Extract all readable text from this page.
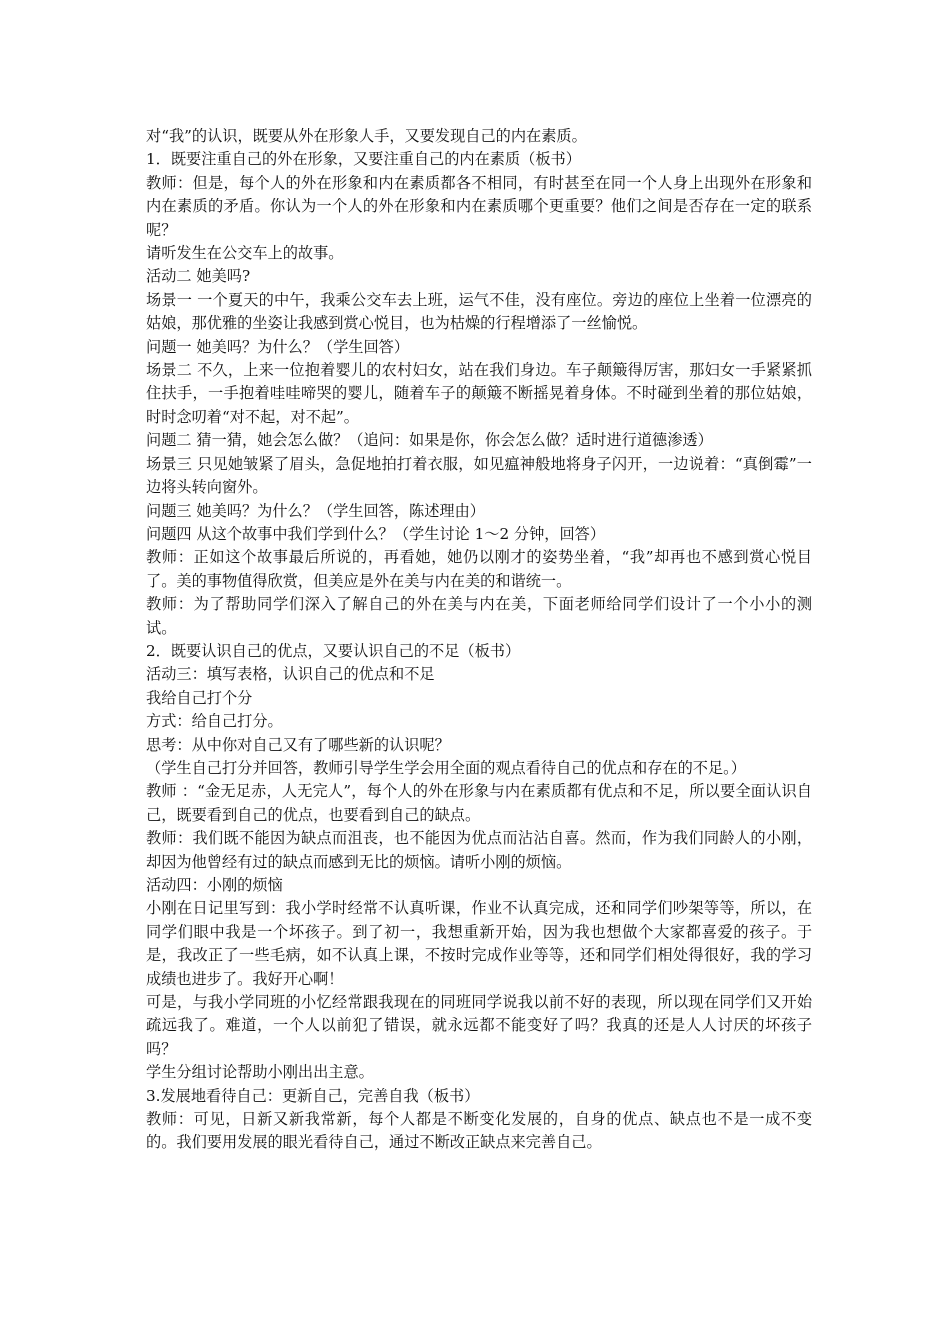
对“我”的认识，既要从外在形象人手，又要发现自己的内在素质。

1．既要注重自己的外在形象，又要注重自己的内在素质（板书）

教师：但是，每个人的外在形象和内在素质都各不相同，有时甚至在同一个人身上出现外在形象和内在素质的矛盾。你认为一个人的外在形象和内在素质哪个更重要？他们之间是否存在一定的联系呢？

请听发生在公交车上的故事。

活动二 她美吗?

场景一 一个夏天的中午，我乘公交车去上班，运气不佳，没有座位。旁边的座位上坐着一位漂亮的姑娘，那优雅的坐姿让我感到赏心悦目，也为枯燥的行程增添了一丝愉悦。

问题一 她美吗？为什么？（学生回答）

场景二 不久，上来一位抱着婴儿的农村妇女，站在我们身边。车子颠簸得厉害，那妇女一手紧紧抓住扶手，一手抱着哇哇啼哭的婴儿，随着车子的颠簸不断摇晃着身体。不时碰到坐着的那位姑娘，时时念叨着“对不起，对不起”。

问题二 猜一猜，她会怎么做？（追问：如果是你，你会怎么做？适时进行道德渗透）

场景三 只见她皱紧了眉头，急促地拍打着衣服，如见瘟神般地将身子闪开，一边说着：“真倒霉”一边将头转向窗外。

问题三 她美吗？为什么？（学生回答，陈述理由）

问题四 从这个故事中我们学到什么？（学生讨论 1～2 分钟，回答）

教师：正如这个故事最后所说的，再看她，她仍以刚才的姿势坐着，“我”却再也不感到赏心悦目了。美的事物值得欣赏，但美应是外在美与内在美的和谐统一。

教师：为了帮助同学们深入了解自己的外在美与内在美，下面老师给同学们设计了一个小小的测试。

2．既要认识自己的优点，又要认识自己的不足（板书）

活动三：填写表格，认识自己的优点和不足

我给自己打个分

方式：给自己打分。

思考：从中你对自己又有了哪些新的认识呢？

（学生自己打分并回答，教师引导学生学会用全面的观点看待自己的优点和存在的不足。）

教师 ：“金无足赤，人无完人”，每个人的外在形象与内在素质都有优点和不足，所以要全面认识自己，既要看到自己的优点，也要看到自己的缺点。

教师：我们既不能因为缺点而沮丧，也不能因为优点而沾沾自喜。然而，作为我们同龄人的小刚，却因为他曾经有过的缺点而感到无比的烦恼。请听小刚的烦恼。

活动四：小刚的烦恼

小刚在日记里写到：我小学时经常不认真听课，作业不认真完成，还和同学们吵架等等，所以，在同学们眼中我是一个坏孩子。到了初一，我想重新开始，因为我也想做个大家都喜爱的孩子。于是，我改正了一些毛病，如不认真上课，不按时完成作业等等，还和同学们相处得很好，我的学习成绩也进步了。我好开心啊！

可是，与我小学同班的小忆经常跟我现在的同班同学说我以前不好的表现，所以现在同学们又开始疏远我了。难道，一个人以前犯了错误，就永远都不能变好了吗？我真的还是人人讨厌的坏孩子吗？

学生分组讨论帮助小刚出出主意。

3.发展地看待自己：更新自己，完善自我（板书）

教师：可见，日新又新我常新，每个人都是不断变化发展的，自身的优点、缺点也不是一成不变的。我们要用发展的眼光看待自己，通过不断改正缺点来完善自己。
